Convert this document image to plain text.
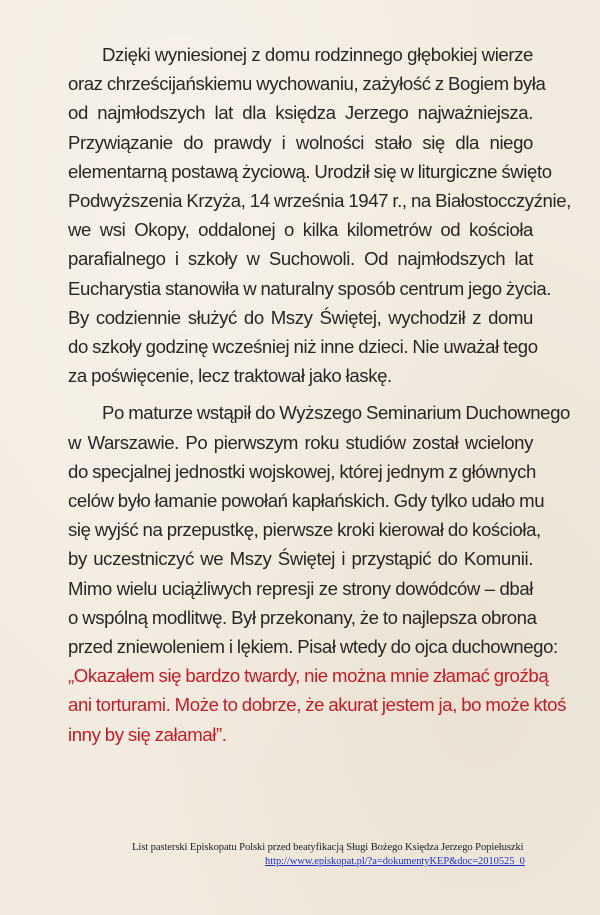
Dzięki wyniesionej z domu rodzinnego głębokiej wierze
oraz chrześcijańskiemu wychowaniu, zażyłość z Bogiem była
od najmłodszych lat dla księdza Jerzego najważniejsza.
Przywiązanie do prawdy i wolności stało się dla niego
elementarną postawą życiową. Urodził się w liturgiczne święto
Podwyższenia Krzyża, 14 września 1947 r., na Białostocczyźnie,
we wsi Okopy, oddalonej o kilka kilometrów od kościoła
parafialnego i szkoły w Suchowoli. Od najmłodszych lat
Eucharystia stanowiła w naturalny sposób centrum jego życia.
By codziennie służyć do Mszy Świętej, wychodził z domu
do szkoły godzinę wcześniej niż inne dzieci. Nie uważał tego
za poświęcenie, lecz traktował jako łaskę.
Po maturze wstąpił do Wyższego Seminarium Duchownego
w Warszawie. Po pierwszym roku studiów został wcielony
do specjalnej jednostki wojskowej, której jednym z głównych
celów było łamanie powołań kapłańskich. Gdy tylko udało mu
się wyjść na przepustkę, pierwsze kroki kierował do kościoła,
by uczestniczyć we Mszy Świętej i przystąpić do Komunii.
Mimo wielu uciążliwych represji ze strony dowódców – dbał
o wspólną modlitwę. Był przekonany, że to najlepsza obrona
przed zniewoleniem i lękiem. Pisał wtedy do ojca duchownego:
„Okazałem się bardzo twardy, nie można mnie złamać groźbą
ani torturami. Może to dobrze, że akurat jestem ja, bo może ktoś
inny by się załamał”.
List pasterski Episkopatu Polski przed beatyfikacją Sługi Bożego Księdza Jerzego Popiełuszki
http://www.episkopat.pl/?a=dokumentyKEP&doc=2010525_0
